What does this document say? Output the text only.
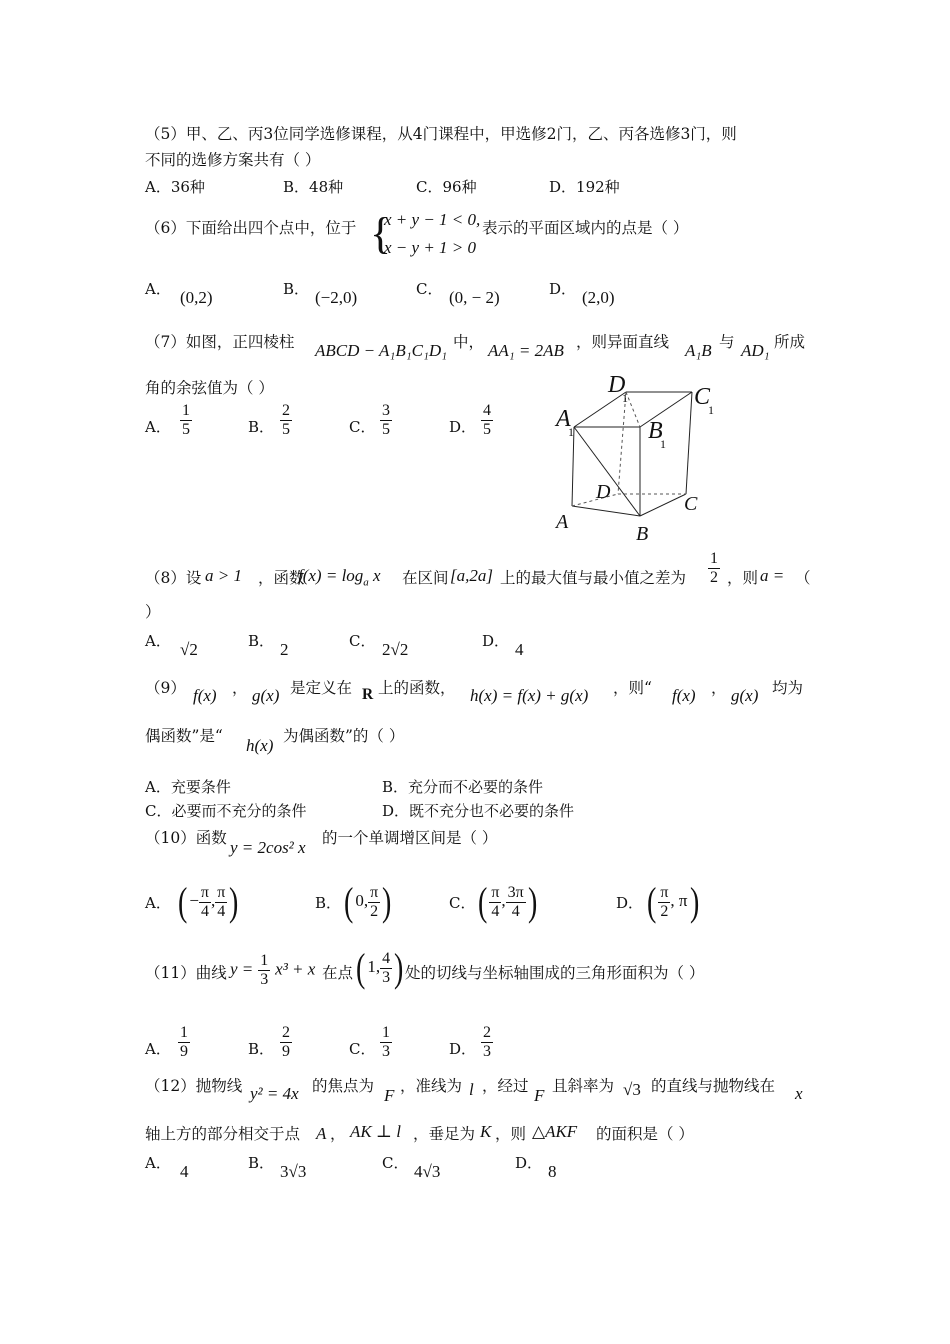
（5）甲、乙、丙3位同学选修课程，从4门课程中，甲选修2门，乙、丙各选修3门，则
不同的选修方案共有（ ）
A．36种	B．48种	C．96种	D．192种
（6）下面给出四个点中，位于 {
x + y − 1 < 0,
x − y + 1 > 0
表示的平面区域内的点是（ ）
A． (0,2)	B． (−2,0)	C． (0, − 2)	D． (2,0)
（7）如图，正四棱柱 ABCD − A₁B₁C₁D₁ 中， AA₁ = 2AB ，则异面直线 A₁B 与 AD₁ 所成
角的余弦值为（ ）
A． $\frac{1}{5}$	B． $\frac{2}{5}$	C． $\frac{3}{5}$	D． $\frac{4}{5}$	A
1
D
1	C
1
B
1
D
C
A
B
（8）设 a > 1 ，函数
$f(x) = \log_a x$ 在区间 [a,2a] 上的最大值与最小值之差为 $\frac{1}{2}$ ，则 a = （
）
A． √2	B． 2	C． 2√2	D． 4
（9） f(x) ， g(x) 是定义在 R 上的函数， h(x) = f(x) + g(x) ，则“ f(x) ， g(x) 均为
偶函数”是“ h(x) 为偶函数”的（ ）
A．充要条件	B．充分而不必要的条件
C．必要而不充分的条件	D．既不充分也不必要的条件
（10）函数 y = 2cos² x 的一个单调增区间是（ ）
A． ( − $\frac{\pi}{4}$ , $\frac{\pi}{4}$ )	B． ( 0, $\frac{\pi}{2}$ )	C． ( $\frac{\pi}{4}$ , $\frac{3\pi}{4}$ )	D． ( $\frac{\pi}{2}$ , π)
（11）曲线 $y = \frac{1}{3} x^3 + x$ 在点 ( 1, $\frac{4}{3}$ ) 处的切线与坐标轴围成的三角形面积为（ ）
A． $\frac{1}{9}$	B． $\frac{2}{9}$	C． $\frac{1}{3}$	D． $\frac{2}{3}$
（12）抛物线 y² = 4x 的焦点为 F ，准线为 l ，经过 F 且斜率为 √3 的直线与抛物线在 x
轴上方的部分相交于点 A ， AK ⊥ l ，垂足为 K ，则 △AKF 的面积是（ ）
A． 4	B． 3√3	C． 4√3	D． 8
